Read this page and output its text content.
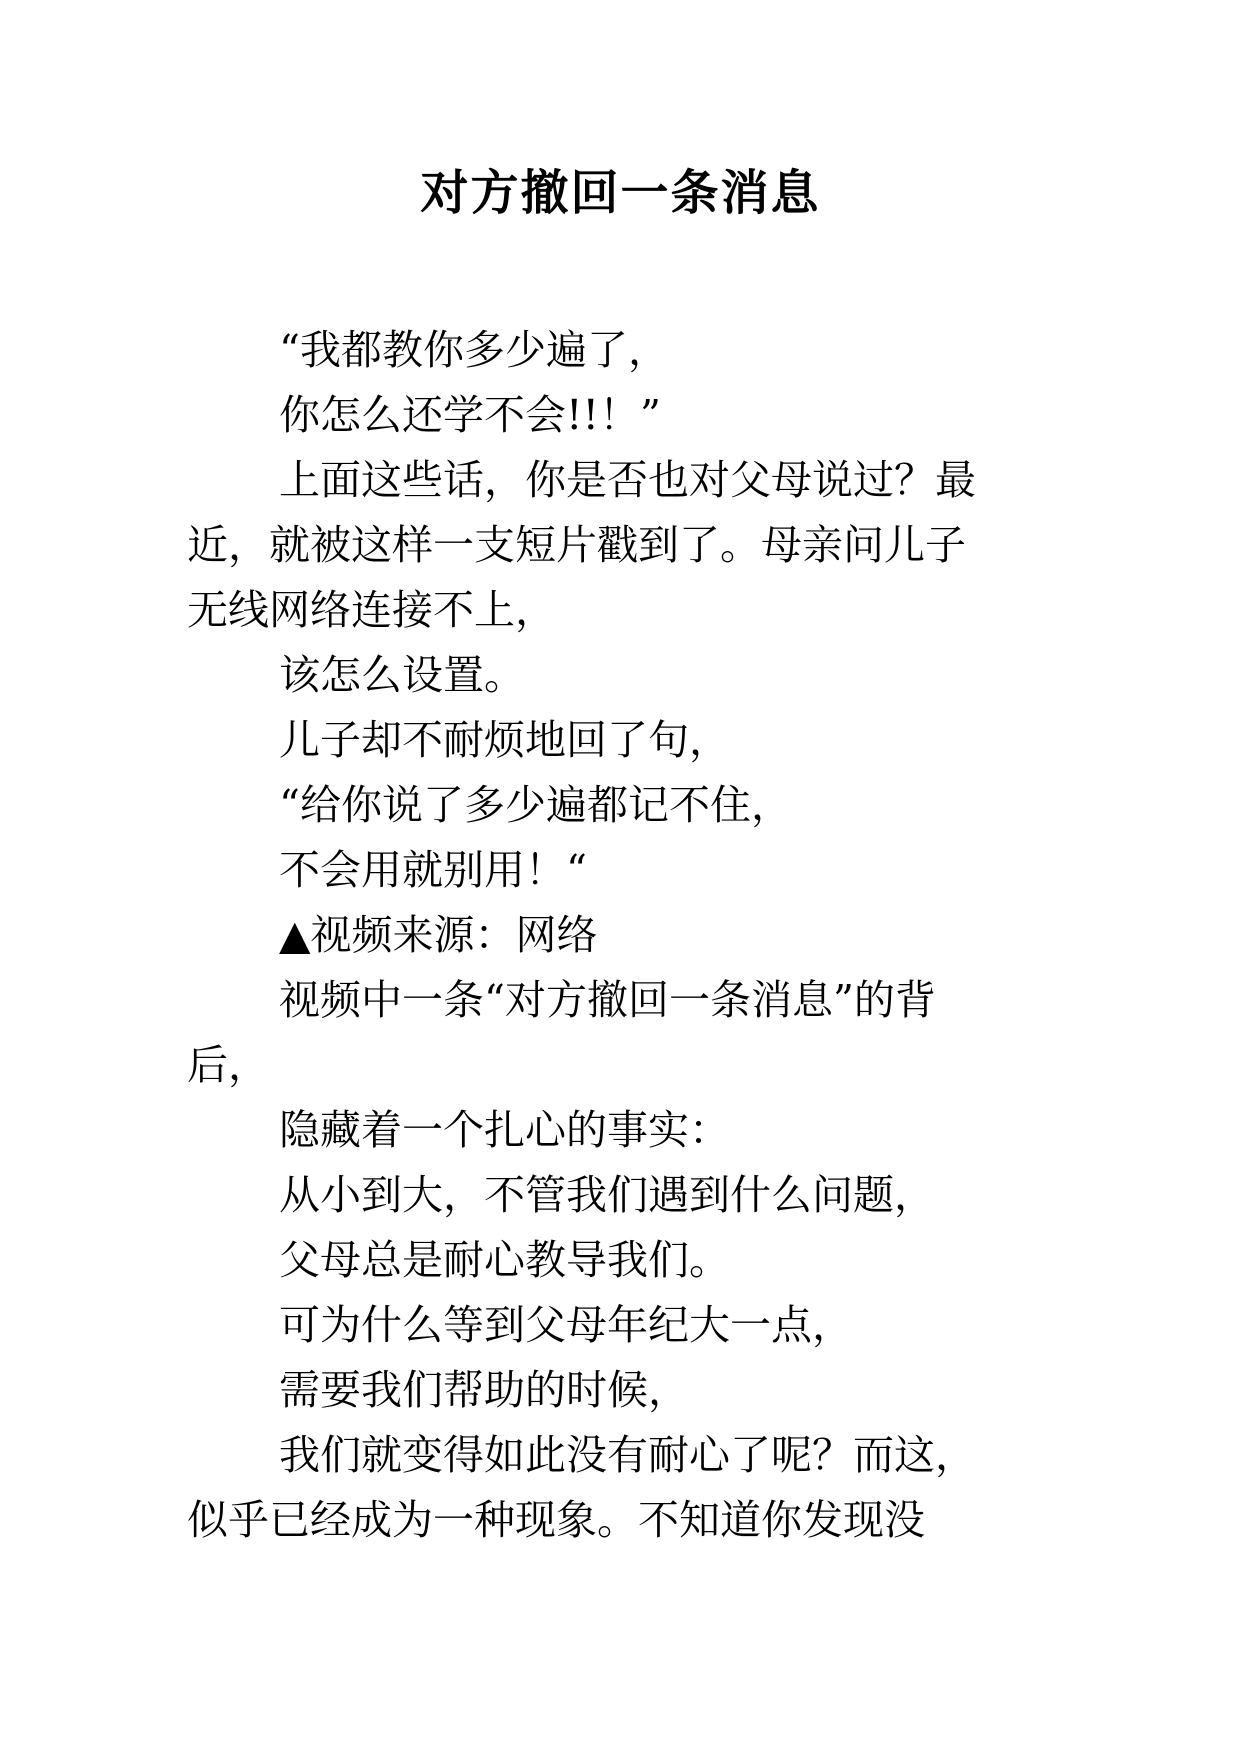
对方撤回一条消息
“我都教你多少遍了，
你怎么还学不会!!！”
上面这些话，你是否也对父母说过？最
近，就被这样一支短片戳到了。母亲问儿子
无线网络连接不上，
该怎么设置。
儿子却不耐烦地回了句，
“给你说了多少遍都记不住，
不会用就别用！“
▲视频来源：网络
视频中一条“对方撤回一条消息”的背
后，
隐藏着一个扎心的事实：
从小到大，不管我们遇到什么问题，
父母总是耐心教导我们。
可为什么等到父母年纪大一点，
需要我们帮助的时候，
我们就变得如此没有耐心了呢？而这，
似乎已经成为一种现象。不知道你发现没
